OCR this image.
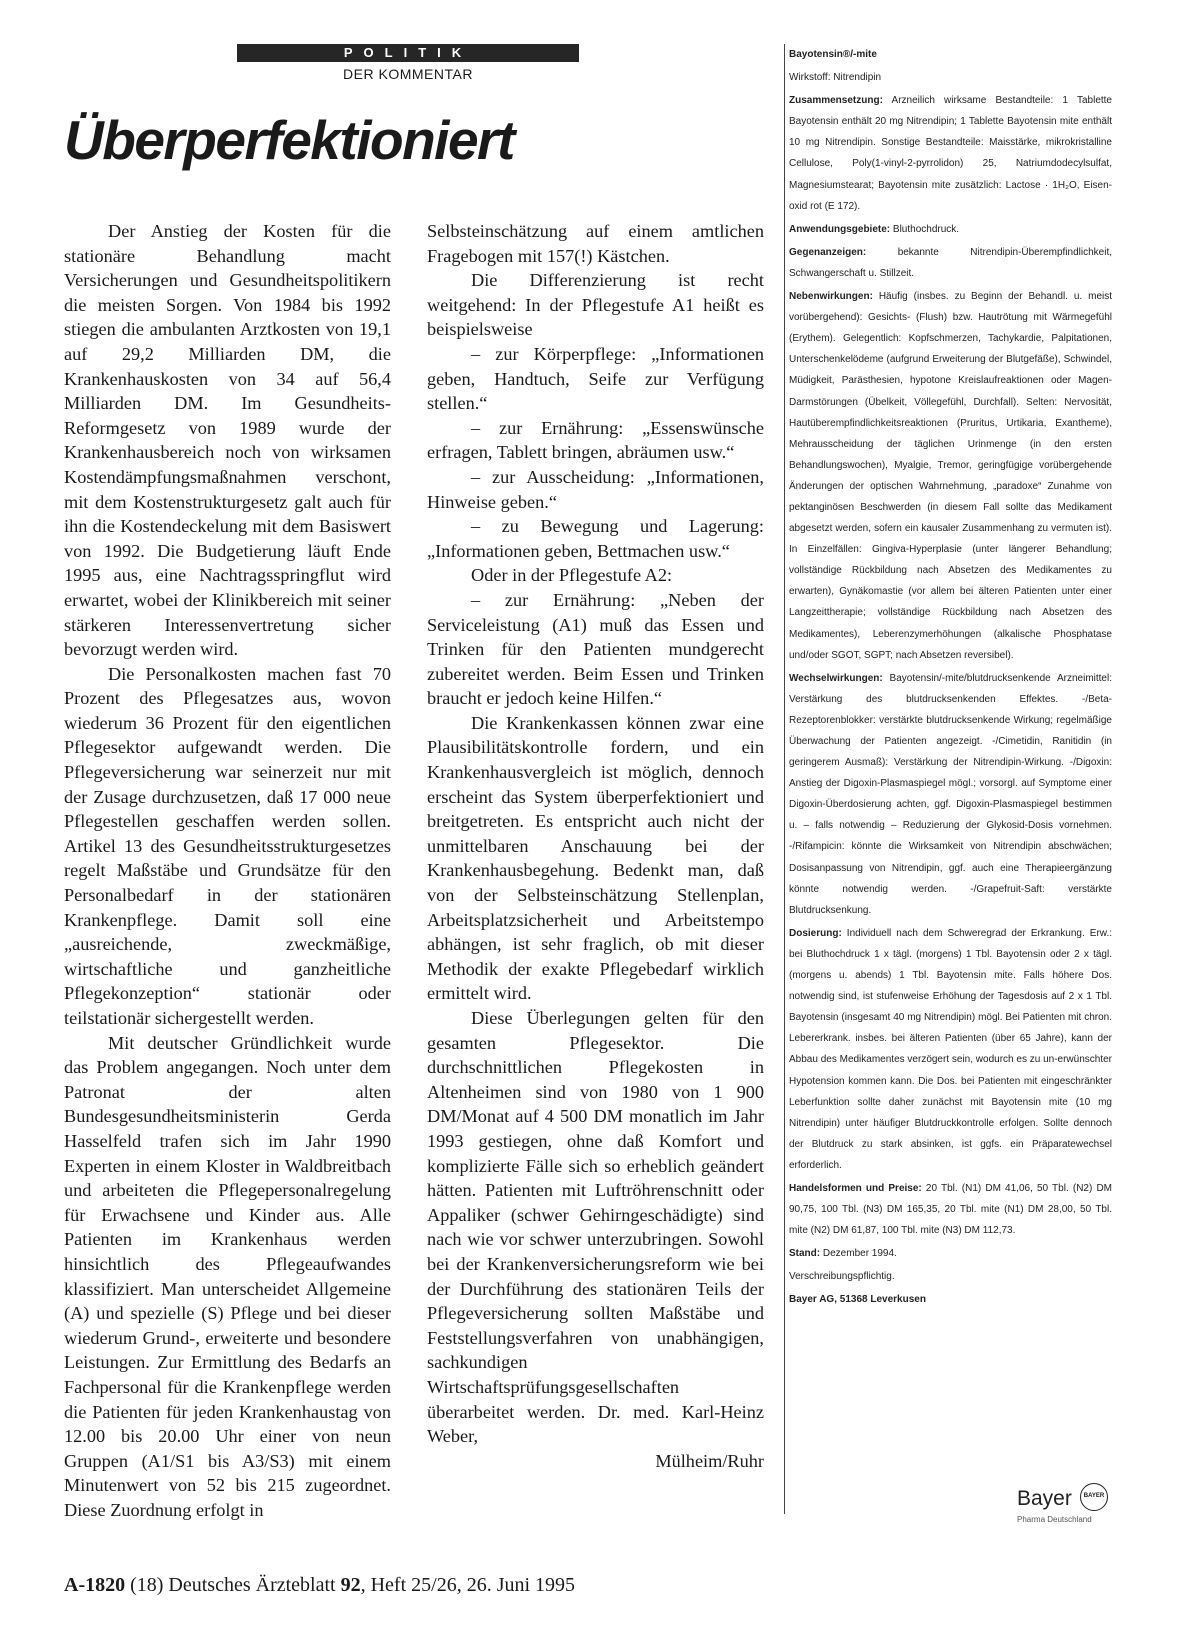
POLITIK
DER KOMMENTAR
Überperfektioniert

Der Anstieg der Kosten für die stationäre Behandlung macht Versicherungen und Gesundheitspolitikern die meisten Sorgen. Von 1984 bis 1992 stiegen die ambulanten Arztkosten von 19,1 auf 29,2 Milliarden DM, die Krankenhauskosten von 34 auf 56,4 Milliarden DM. Im Gesundheits-Reformgesetz von 1989 wurde der Krankenhausbereich noch von wirksamen Kostendämpfungsmaßnahmen verschont, mit dem Kostenstrukturgesetz galt auch für ihn die Kostendeckelung mit dem Basiswert von 1992. Die Budgetierung läuft Ende 1995 aus, eine Nachtragsspringflut wird erwartet, wobei der Klinikbereich mit seiner stärkeren Interessenvertretung sicher bevorzugt werden wird.

Die Personalkosten machen fast 70 Prozent des Pflegesatzes aus, wovon wiederum 36 Prozent für den eigentlichen Pflegesektor aufgewandt werden. Die Pflegeversicherung war seinerzeit nur mit der Zusage durchzusetzen, daß 17 000 neue Pflegestellen geschaffen werden sollen. Artikel 13 des Gesundheitsstrukturgesetzes regelt Maßstäbe und Grundsätze für den Personalbedarf in der stationären Krankenpflege. Damit soll eine „ausreichende, zweckmäßige, wirtschaftliche und ganzheitliche Pflegekonzeption“ stationär oder teilstationär sichergestellt werden.

Mit deutscher Gründlichkeit wurde das Problem angegangen. Noch unter dem Patronat der alten Bundesgesundheitsministerin Gerda Hasselfeld trafen sich im Jahr 1990 Experten in einem Kloster in Waldbreitbach und arbeiteten die Pflegepersonalregelung für Erwachsene und Kinder aus. Alle Patienten im Krankenhaus werden hinsichtlich des Pflegeaufwandes klassifiziert. Man unterscheidet Allgemeine (A) und spezielle (S) Pflege und bei dieser wiederum Grund-, erweiterte und besondere Leistungen. Zur Ermittlung des Bedarfs an Fachpersonal für die Krankenpflege werden die Patienten für jeden Krankenhaustag von 12.00 bis 20.00 Uhr einer von neun Gruppen (A1/S1 bis A3/S3) mit einem Minutenwert von 52 bis 215 zugeordnet. Diese Zuordnung erfolgt in

Selbsteinschätzung auf einem amtlichen Fragebogen mit 157(!) Kästchen.

Die Differenzierung ist recht weitgehend: In der Pflegestufe A1 heißt es beispielsweise

– zur Körperpflege: „Informationen geben, Handtuch, Seife zur Verfügung stellen.“

– zur Ernährung: „Essenswünsche erfragen, Tablett bringen, abräumen usw.“

– zur Ausscheidung: „Informationen, Hinweise geben.“

– zu Bewegung und Lagerung: „Informationen geben, Bettmachen usw.“

Oder in der Pflegestufe A2:

– zur Ernährung: „Neben der Serviceleistung (A1) muß das Essen und Trinken für den Patienten mundgerecht zubereitet werden. Beim Essen und Trinken braucht er jedoch keine Hilfen.“

Die Krankenkassen können zwar eine Plausibilitätskontrolle fordern, und ein Krankenhausvergleich ist möglich, dennoch erscheint das System überperfektioniert und breitgetreten. Es entspricht auch nicht der unmittelbaren Anschauung bei der Krankenhausbegehung. Bedenkt man, daß von der Selbsteinschätzung Stellenplan, Arbeitsplatzsicherheit und Arbeitstempo abhängen, ist sehr fraglich, ob mit dieser Methodik der exakte Pflegebedarf wirklich ermittelt wird.

Diese Überlegungen gelten für den gesamten Pflegesektor. Die durchschnittlichen Pflegekosten in Altenheimen sind von 1980 von 1 900 DM/Monat auf 4 500 DM monatlich im Jahr 1993 gestiegen, ohne daß Komfort und komplizierte Fälle sich so erheblich geändert hätten. Patienten mit Luftröhrenschnitt oder Appaliker (schwer Gehirngeschädigte) sind nach wie vor schwer unterzubringen. Sowohl bei der Krankenversicherungsreform wie bei der Durchführung des stationären Teils der Pflegeversicherung sollten Maßstäbe und Feststellungsverfahren von unabhängigen, sachkundigen Wirtschaftsprüfungsgesellschaften überarbeitet werden. Dr. med. Karl-Heinz Weber,

Mülheim/Ruhr

Bayotensin®/-mite

Wirkstoff: Nitrendipin

Zusammensetzung: Arzneilich wirksame Bestandteile: 1 Tablette Bayotensin enthält 20 mg Nitrendipin; 1 Tablette Bayotensin mite enthält 10 mg Nitrendipin. Sonstige Bestandteile: Maisstärke, mikrokristalline Cellulose, Poly(1-vinyl-2-pyrrolidon) 25, Natriumdodecylsulfat, Magnesiumstearat; Bayotensin mite zusätzlich: Lactose · 1H₂O, Eisen-oxid rot (E 172).

Anwendungsgebiete: Bluthochdruck.

Gegenanzeigen:	bekannte Nitrendipin-Überempfindlichkeit, Schwangerschaft u. Stillzeit.

Nebenwirkungen: Häufig (insbes. zu Beginn der Behandl. u. meist vorübergehend): Gesichts- (Flush) bzw. Hautrötung mit Wärmegefühl (Erythem). Gelegentlich: Kopfschmerzen, Tachykardie, Palpitationen, Unterschenkelödeme (aufgrund Erweiterung der Blutgefäße), Schwindel, Müdigkeit, Parästhesien, hypotone Kreislaufreaktionen oder Magen-Darmstörungen (Übelkeit, Völlegefühl, Durchfall). Selten: Nervosität, Hautüberempfindlichkeitsreaktionen (Pruritus, Urtikaria, Exantheme), Mehrausscheidung der täglichen Urinmenge (in den ersten Behandlungswochen), Myalgie, Tremor, geringfügige vorübergehende Änderungen der optischen Wahrnehmung, „paradoxe“ Zunahme von pektanginösen Beschwerden (in diesem Fall sollte das Medikament abgesetzt werden, sofern ein kausaler Zusammenhang zu vermuten ist). In Einzelfällen: Gingiva-Hyperplasie (unter längerer Behandlung; vollständige Rückbildung nach Absetzen des Medikamentes zu erwarten), Gynäkomastie (vor allem bei älteren Patienten unter einer Langzeittherapie; vollständige Rückbildung nach Absetzen des Medikamentes), Leberenzymerhöhungen (alkalische Phosphatase und/oder SGOT, SGPT; nach Absetzen reversibel).

Wechselwirkungen: Bayotensin/-mite/blutdrucksenkende Arzneimittel: Verstärkung des blutdrucksenkenden Effektes. -/Beta-Rezeptorenblokker: verstärkte blutdrucksenkende Wirkung; regelmäßige Überwachung der Patienten angezeigt. -/Cimetidin, Ranitidin (in geringerem Ausmaß): Verstärkung der Nitrendipin-Wirkung. -/Digoxin: Anstieg der Digoxin-Plasmaspiegel mögl.; vorsorgl. auf Symptome einer Digoxin-Überdosierung achten, ggf. Digoxin-Plasmaspiegel bestimmen u. – falls notwendig – Reduzierung der Glykosid-Dosis vornehmen. -/Rifampicin: könnte die Wirksamkeit von Nitrendipin abschwächen; Dosisanpassung von Nitrendipin, ggf. auch eine Therapieergänzung könnte notwendig werden. -/Grapefruit-Saft: verstärkte Blutdrucksenkung.

Dosierung: Individuell nach dem Schweregrad der Erkrankung. Erw.: bei Bluthochdruck 1 x tägl. (morgens) 1 Tbl. Bayotensin oder 2 x tägl. (morgens u. abends) 1 Tbl. Bayotensin mite. Falls höhere Dos. notwendig sind, ist stufenweise Erhöhung der Tagesdosis auf 2 x 1 Tbl. Bayotensin (insgesamt 40 mg Nitrendipin) mögl. Bei Patienten mit chron. Lebererkrank. insbes. bei älteren Patienten (über 65 Jahre), kann der Abbau des Medikamentes verzögert sein, wodurch es zu un-erwünschter Hypotension kommen kann. Die Dos. bei Patienten mit eingeschränkter Leberfunktion sollte daher zunächst mit Bayotensin mite (10 mg Nitrendipin) unter häufiger Blutdruckkontrolle erfolgen. Sollte dennoch der Blutdruck zu stark absinken, ist ggfs. ein Präparatewechsel erforderlich.

Handelsformen und Preise: 20 Tbl. (N1) DM 41,06, 50 Tbl. (N2) DM 90,75, 100 Tbl. (N3) DM 165,35, 20 Tbl. mite (N1) DM 28,00, 50 Tbl. mite (N2) DM 61,87, 100 Tbl. mite (N3) DM 112,73.

Stand: Dezember 1994.

Verschreibungspflichtig.

Bayer AG, 51368 Leverkusen

Bayer	BAYER
Pharma Deutschland
A-1820 (18) Deutsches Ärzteblatt 92, Heft 25/26, 26. Juni 1995
